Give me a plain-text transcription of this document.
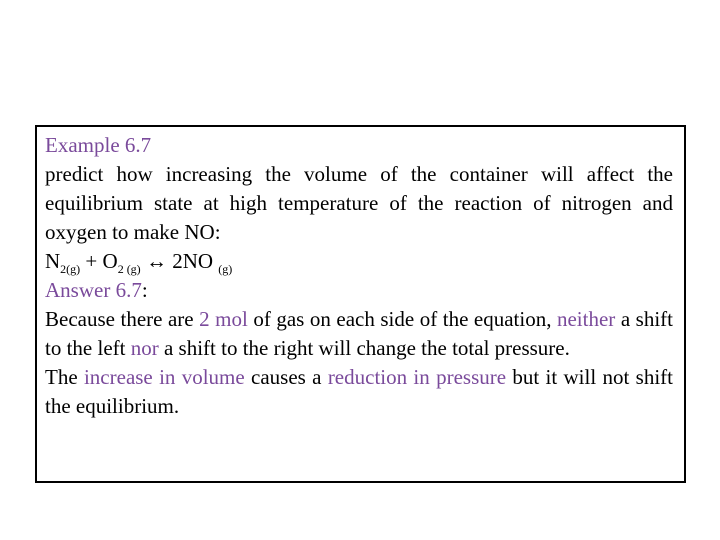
Example 6.7
predict how increasing the volume of the container will affect the equilibrium state at high temperature of the reaction of nitrogen and oxygen to make NO:
$N_{2(g)} + O_{2 (g)}$ ↔ 2NO $_{(g)}$
Answer 6.7:
Because there are 2 mol of gas on each side of the equation, neither a shift to the left nor a shift to the right will change the total pressure.
The increase in volume causes a reduction in pressure but it will not shift the equilibrium.
